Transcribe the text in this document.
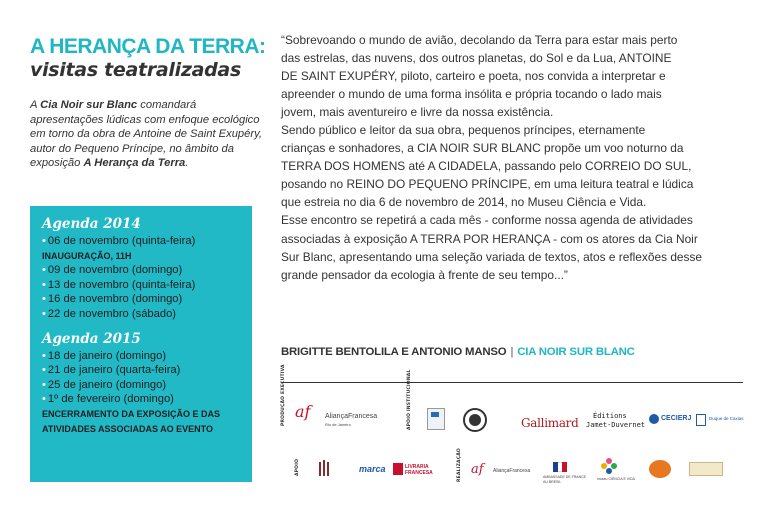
A HERANÇA DA TERRA:
visitas teatralizadas
A Cia Noir sur Blanc comandará apresentações lúdicas com enfoque ecológico em torno da obra de Antoine de Saint Exupéry, autor do Pequeno Príncipe, no âmbito da exposição A Herança da Terra.
Agenda 2014
• 06 de novembro (quinta-feira)
INAUGURAÇÃO, 11H
• 09 de novembro (domingo)
• 13 de novembro (quinta-feira)
• 16 de novembro (domingo)
• 22 de novembro (sábado)
Agenda 2015
• 18 de janeiro (domingo)
• 21 de janeiro (quarta-feira)
• 25 de janeiro (domingo)
• 1º de fevereiro (domingo)
ENCERRAMENTO DA EXPOSIÇÃO E DAS
ATIVIDADES ASSOCIADAS AO EVENTO
“Sobrevoando o mundo de avião, decolando da Terra para estar mais perto
das estrelas, das nuvens, dos outros planetas, do Sol e da Lua, ANTOINE
DE SAINT EXUPÉRY, piloto, carteiro e poeta, nos convida a interpretar e
apreender o mundo de uma forma insólita e própria tocando o lado mais
jovem, mais aventureiro e livre da nossa existência.
Sendo público e leitor da sua obra, pequenos príncipes, eternamente
crianças e sonhadores, a CIA NOIR SUR BLANC propõe um voo noturno da
TERRA DOS HOMENS até A CIDADELA, passando pelo CORREIO DO SUL,
posando no REINO DO PEQUENO PRÍNCIPE, em uma leitura teatral e lúdica
que estreia no dia 6 de novembro de 2014, no Museu Ciência e Vida.
Esse encontro se repetirá a cada mês - conforme nossa agenda de atividades
associadas à exposição A TERRA POR HERANÇA - com os atores da Cia Noir
Sur Blanc, apresentando uma seleção variada de textos, atos e reflexões desse
grande pensador da ecologia à frente de seu tempo...”
BRIGITTE BENTOLILA E ANTONIO MANSO | CIA NOIR SUR BLANC
PRODUÇÃO EXECUTIVA af AliançaFrancesa
Rio de Janeiro	APOIO INSTITUCIONAL	Gallimard Éditions
Jamet-Duvernet
CECIERJ	Duque de Caxias
APOIO	marca	LIVRARIA FRANCESA	REALIZAÇÃO af AliançaFrancesa
AMBASSADE DE FRANCE AU BRÉSIL
museu CIÊNCIA E VIDA
